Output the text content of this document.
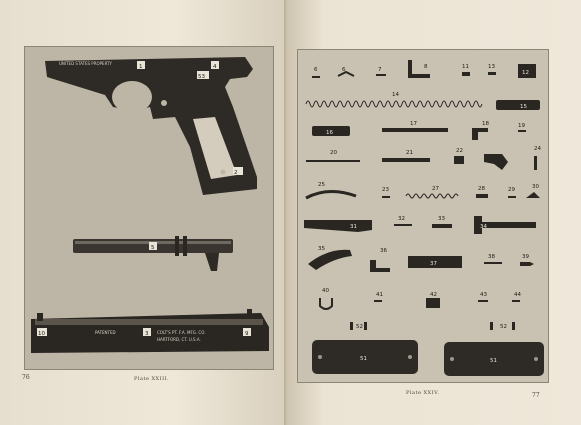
UNITED STATES PROPERTY
1	4
53
2
5
PATENTED	COLT'S PT. F.A. MFG. CO.
HARTFORD, CT. U.S.A.
3
10	9
76	Plate XXIII.
6	6	7	8	11	13
12
14
15
16
17	18	19
20	21	22	24
25
23	27	28	29	30
31
32	33
34
35	36
37
38	39
40
41	42	43	44
52	52
51	51
Plate XXIV.	77
